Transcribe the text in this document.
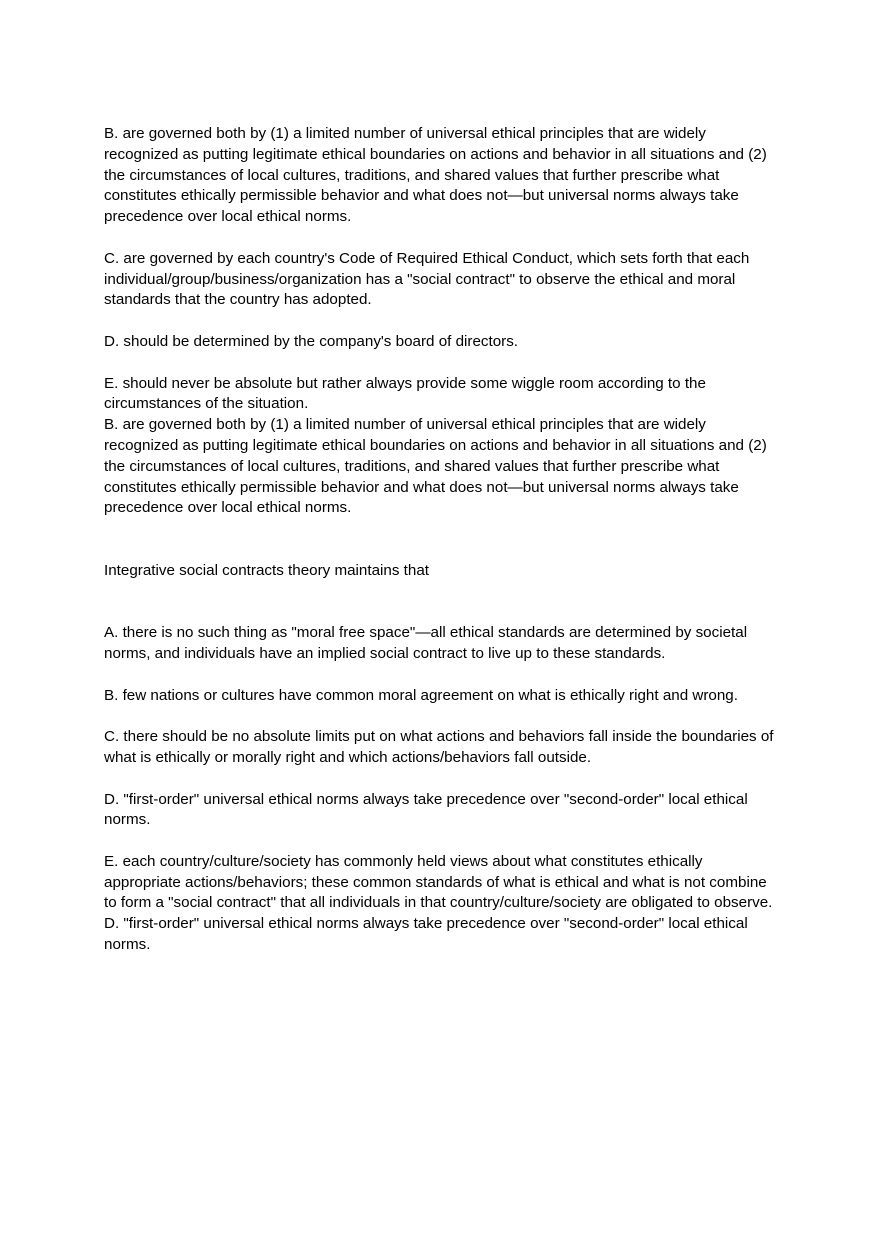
B. are governed both by (1) a limited number of universal ethical principles that are widely recognized as putting legitimate ethical boundaries on actions and behavior in all situations and (2) the circumstances of local cultures, traditions, and shared values that further prescribe what constitutes ethically permissible behavior and what does not—but universal norms always take precedence over local ethical norms.

C. are governed by each country's Code of Required Ethical Conduct, which sets forth that each individual/group/business/organization has a "social contract" to observe the ethical and moral standards that the country has adopted.

D. should be determined by the company's board of directors.

E. should never be absolute but rather always provide some wiggle room according to the circumstances of the situation.

B. are governed both by (1) a limited number of universal ethical principles that are widely recognized as putting legitimate ethical boundaries on actions and behavior in all situations and (2) the circumstances of local cultures, traditions, and shared values that further prescribe what constitutes ethically permissible behavior and what does not—but universal norms always take precedence over local ethical norms.

Integrative social contracts theory maintains that

A. there is no such thing as "moral free space"—all ethical standards are determined by societal norms, and individuals have an implied social contract to live up to these standards.

B. few nations or cultures have common moral agreement on what is ethically right and wrong.

C. there should be no absolute limits put on what actions and behaviors fall inside the boundaries of what is ethically or morally right and which actions/behaviors fall outside.

D. "first-order" universal ethical norms always take precedence over "second-order" local ethical norms.

E. each country/culture/society has commonly held views about what constitutes ethically appropriate actions/behaviors; these common standards of what is ethical and what is not combine to form a "social contract" that all individuals in that country/culture/society are obligated to observe.

D. "first-order" universal ethical norms always take precedence over "second-order" local ethical norms.
